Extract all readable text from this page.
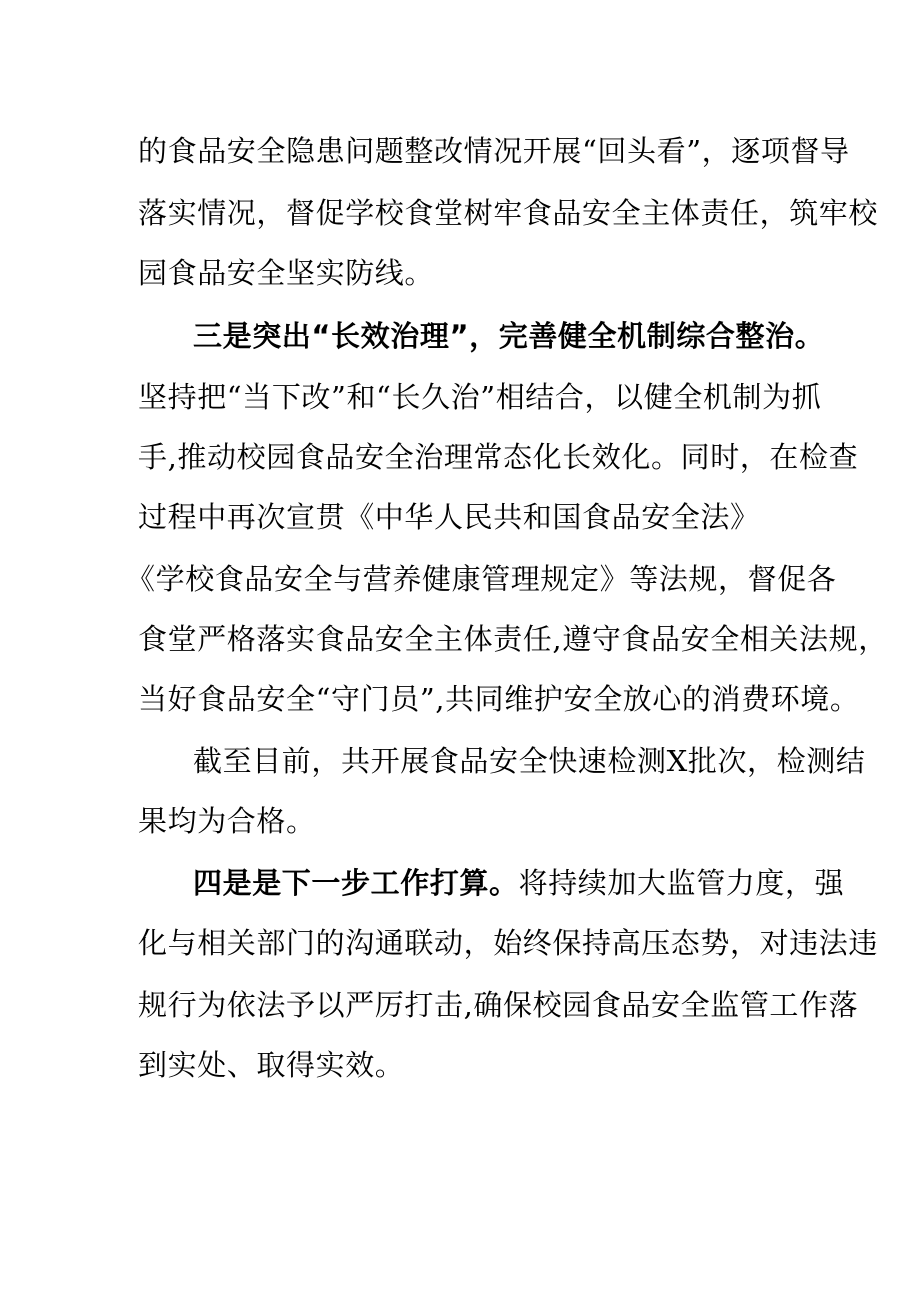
的食品安全隐患问题整改情况开展“回头看”，逐项督导
落实情况，督促学校食堂树牢食品安全主体责任，筑牢校
园食品安全坚实防线。
三是突出“长效治理”，完善健全机制综合整治。
坚持把“当下改”和“长久治”相结合，以健全机制为抓
手,推动校园食品安全治理常态化长效化。同时，在检查
过程中再次宣贯《中华人民共和国食品安全法》
《学校食品安全与营养健康管理规定》等法规，督促各
食堂严格落实食品安全主体责任,遵守食品安全相关法规，
当好食品安全“守门员”,共同维护安全放心的消费环境。
截至目前，共开展食品安全快速检测X批次，检测结
果均为合格。
四是是下一步工作打算。将持续加大监管力度，强
化与相关部门的沟通联动，始终保持高压态势，对违法违
规行为依法予以严厉打击,确保校园食品安全监管工作落
到实处、取得实效。
